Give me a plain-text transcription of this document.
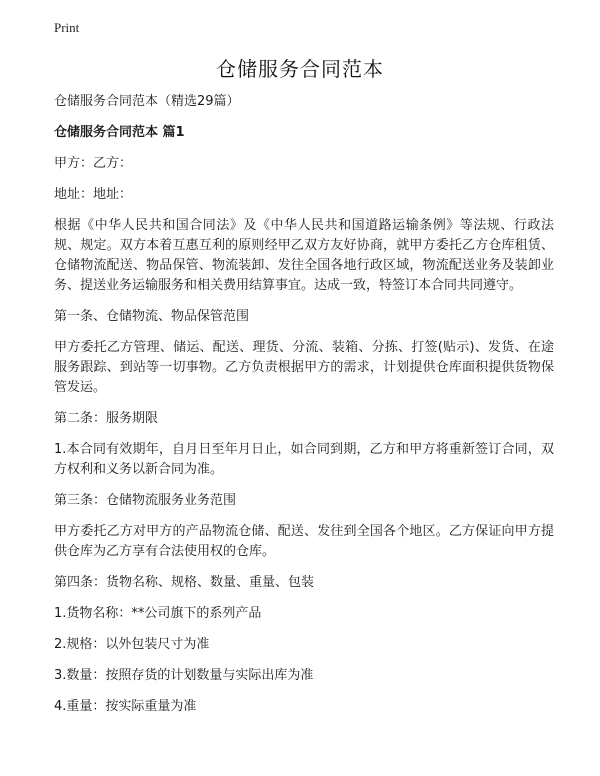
Print
仓储服务合同范本

仓储服务合同范本（精选29篇）

仓储服务合同范本 篇1

甲方：乙方：

地址：地址：

根据《中华人民共和国合同法》及《中华人民共和国道路运输条例》等法规、行政法规、规定。双方本着互惠互利的原则经甲乙双方友好协商，就甲方委托乙方仓库租赁、仓储物流配送、物品保管、物流装卸、发往全国各地行政区域，物流配送业务及装卸业务、提送业务运输服务和相关费用结算事宜。达成一致，特签订本合同共同遵守。

第一条、仓储物流、物品保管范围

甲方委托乙方管理、储运、配送、理货、分流、装箱、分拣、打签(贴示)、发货、在途服务跟踪、到站等一切事物。乙方负责根据甲方的需求，计划提供仓库面积提供货物保管发运。

第二条：服务期限

1.本合同有效期年，自月日至年月日止，如合同到期，乙方和甲方将重新签订合同，双方权利和义务以新合同为准。

第三条：仓储物流服务业务范围

甲方委托乙方对甲方的产品物流仓储、配送、发往到全国各个地区。乙方保证向甲方提供仓库为乙方享有合法使用权的仓库。

第四条：货物名称、规格、数量、重量、包装

1.货物名称：**公司旗下的系列产品

2.规格：以外包装尺寸为准

3.数量：按照存货的计划数量与实际出库为准

4.重量：按实际重量为准
